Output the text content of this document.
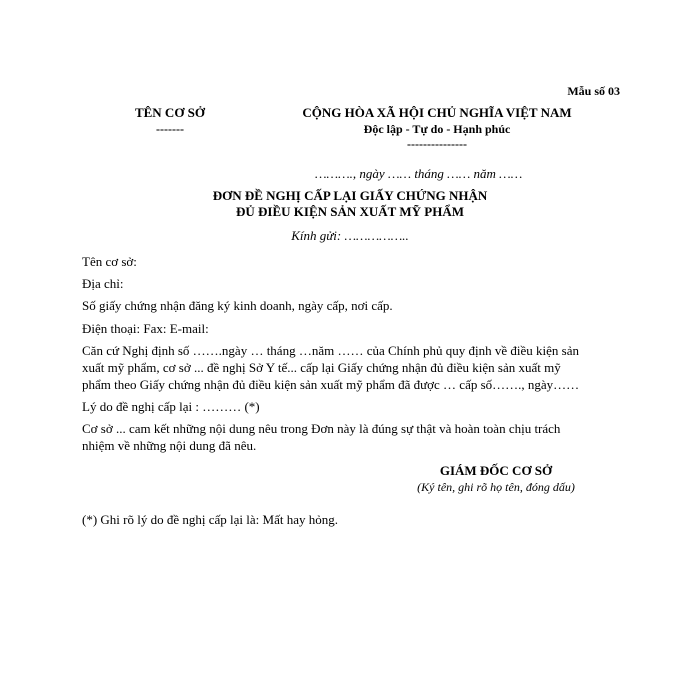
Mẫu số 03
TÊN CƠ SỞ
-------
CỘNG HÒA XÃ HỘI CHỦ NGHĨA VIỆT NAM
Độc lập - Tự do - Hạnh phúc
---------------
………., ngày …… tháng …… năm ……
ĐƠN ĐỀ NGHỊ CẤP LẠI GIẤY CHỨNG NHẬN
ĐỦ ĐIỀU KIỆN SẢN XUẤT MỸ PHẨM
Kính gửi: ……………..
Tên cơ sở:
Địa chỉ:
Số giấy chứng nhận đăng ký kinh doanh, ngày cấp, nơi cấp.
Điện thoại: Fax: E-mail:
Căn cứ Nghị định số …….ngày … tháng …năm …… của Chính phủ quy định về điều kiện sản
xuất mỹ phẩm, cơ sở ... đề nghị Sở Y tế... cấp lại Giấy chứng nhận đủ điều kiện sản xuất mỹ
phẩm theo Giấy chứng nhận đủ điều kiện sản xuất mỹ phẩm đã được … cấp số……., ngày……
Lý do đề nghị cấp lại : ……… (*)
Cơ sở ... cam kết những nội dung nêu trong Đơn này là đúng sự thật và hoàn toàn chịu trách
nhiệm về những nội dung đã nêu.
GIÁM ĐỐC CƠ SỞ
(Ký tên, ghi rõ họ tên, đóng dấu)
(*) Ghi rõ lý do đề nghị cấp lại là: Mất hay hỏng.
